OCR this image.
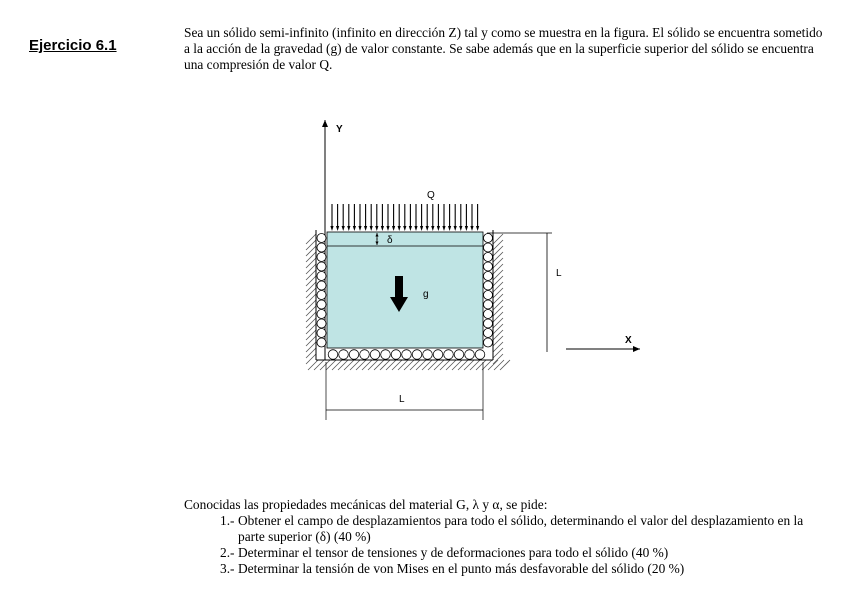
Ejercicio 6.1

Sea un sólido semi-infinito (infinito en dirección Z) tal y como se muestra en la figura. El sólido se encuentra sometido a la acción de la gravedad (g) de valor constante. Se sabe además que en la superficie superior del sólido se encuentra una compresión de valor Q.

Y
X
Q
δ
g
L
L

Conocidas las propiedades mecánicas del material G, λ y α, se pide:

1.- Obtener el campo de desplazamientos para todo el sólido, determinando el valor del desplazamiento en la parte superior (δ) (40 %)
2.- Determinar el tensor de tensiones y de deformaciones para todo el sólido (40 %)
3.- Determinar la tensión de von Mises en el punto más desfavorable del sólido (20 %)
